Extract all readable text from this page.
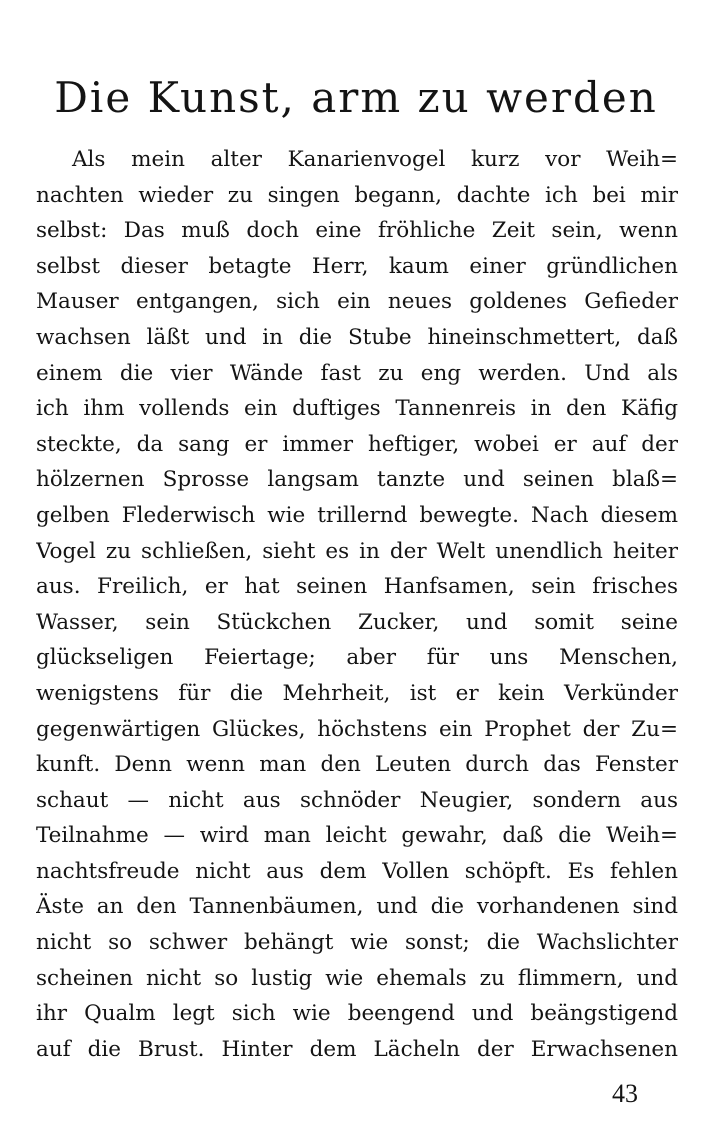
Die Kunst, arm zu werden
Als mein alter Kanarienvogel kurz vor Weih=
nachten wieder zu singen begann, dachte ich bei mir
selbst: Das muß doch eine fröhliche Zeit sein, wenn
selbst dieser betagte Herr, kaum einer gründlichen
Mauser entgangen, sich ein neues goldenes Gefieder
wachsen läßt und in die Stube hineinschmettert, daß
einem die vier Wände fast zu eng werden. Und als
ich ihm vollends ein duftiges Tannenreis in den Käfig
steckte, da sang er immer heftiger, wobei er auf der
hölzernen Sprosse langsam tanzte und seinen blaß=
gelben Flederwisch wie trillernd bewegte. Nach diesem
Vogel zu schließen, sieht es in der Welt unendlich heiter
aus. Freilich, er hat seinen Hanfsamen, sein frisches
Wasser, sein Stückchen Zucker, und somit seine
glückseligen Feiertage; aber für uns Menschen,
wenigstens für die Mehrheit, ist er kein Verkünder
gegenwärtigen Glückes, höchstens ein Prophet der Zu=
kunft. Denn wenn man den Leuten durch das Fenster
schaut — nicht aus schnöder Neugier, sondern aus
Teilnahme — wird man leicht gewahr, daß die Weih=
nachtsfreude nicht aus dem Vollen schöpft. Es fehlen
Äste an den Tannenbäumen, und die vorhandenen sind
nicht so schwer behängt wie sonst; die Wachslichter
scheinen nicht so lustig wie ehemals zu flimmern, und
ihr Qualm legt sich wie beengend und beängstigend
auf die Brust. Hinter dem Lächeln der Erwachsenen
43
